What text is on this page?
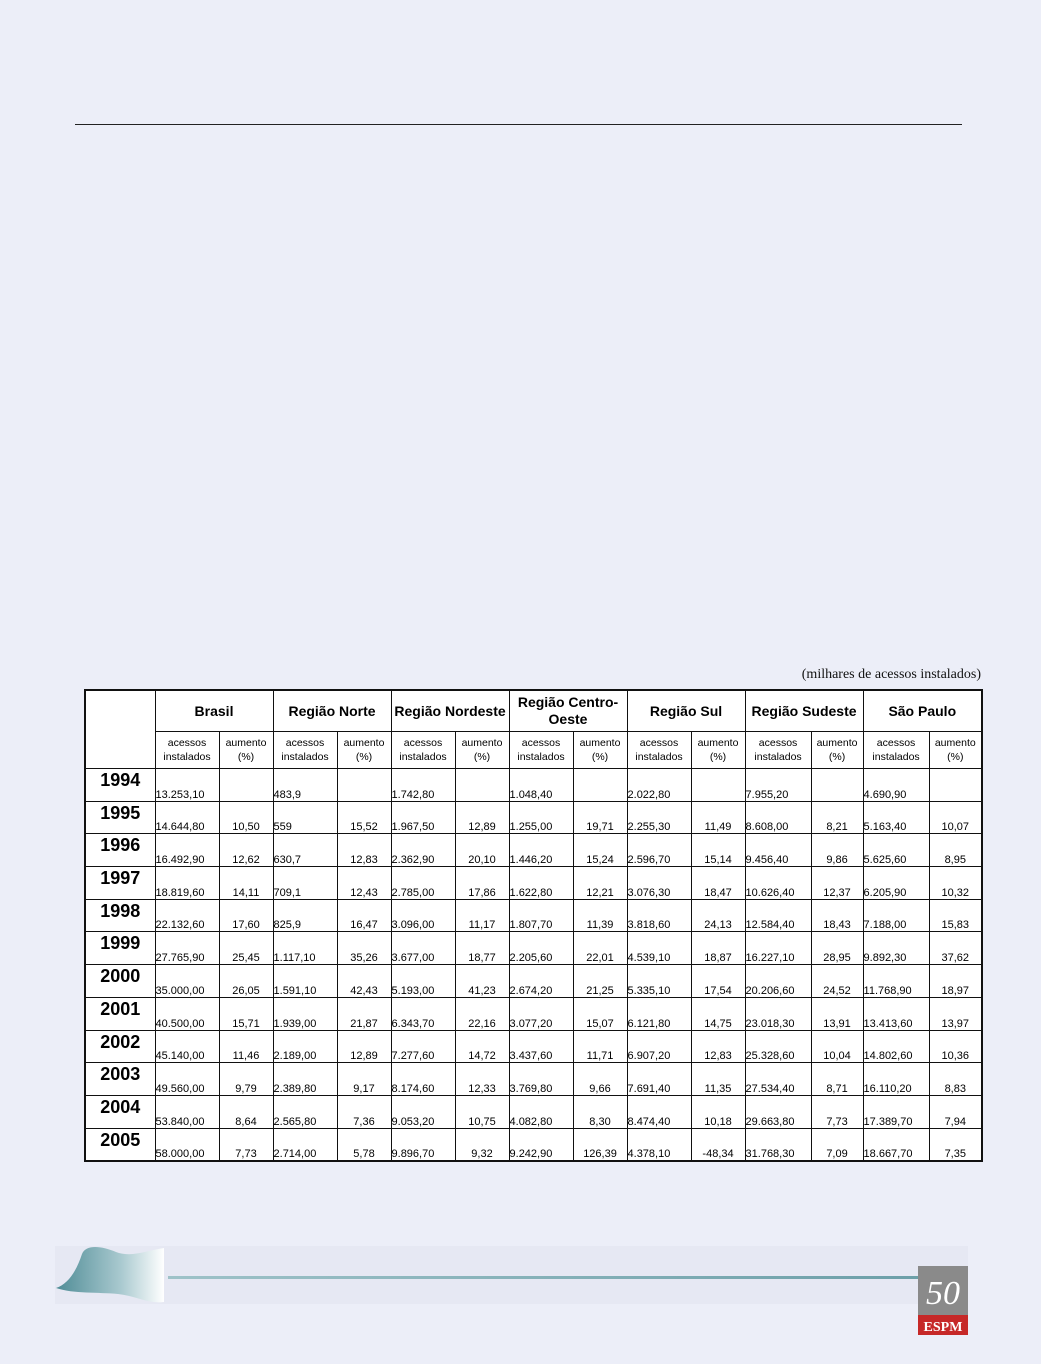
(milhares de acessos instalados)
	Brasil		Região Norte		Região Nordeste		Região Centro-Oeste		Região Sul		Região Sudeste		São Paulo	
	acessos instalados	aumento (%)	acessos instalados	aumento (%)	acessos instalados	aumento (%)	acessos instalados	aumento (%)	acessos instalados	aumento (%)	acessos instalados	aumento (%)	acessos instalados	aumento (%)
1994	13.253,10		483,9		1.742,80		1.048,40		2.022,80		7.955,20		4.690,90	
1995	14.644,80	10,50	559	15,52	1.967,50	12,89	1.255,00	19,71	2.255,30	11,49	8.608,00	8,21	5.163,40	10,07
1996	16.492,90	12,62	630,7	12,83	2.362,90	20,10	1.446,20	15,24	2.596,70	15,14	9.456,40	9,86	5.625,60	8,95
1997	18.819,60	14,11	709,1	12,43	2.785,00	17,86	1.622,80	12,21	3.076,30	18,47	10.626,40	12,37	6.205,90	10,32
1998	22.132,60	17,60	825,9	16,47	3.096,00	11,17	1.807,70	11,39	3.818,60	24,13	12.584,40	18,43	7.188,00	15,83
1999	27.765,90	25,45	1.117,10	35,26	3.677,00	18,77	2.205,60	22,01	4.539,10	18,87	16.227,10	28,95	9.892,30	37,62
2000	35.000,00	26,05	1.591,10	42,43	5.193,00	41,23	2.674,20	21,25	5.335,10	17,54	20.206,60	24,52	11.768,90	18,97
2001	40.500,00	15,71	1.939,00	21,87	6.343,70	22,16	3.077,20	15,07	6.121,80	14,75	23.018,30	13,91	13.413,60	13,97
2002	45.140,00	11,46	2.189,00	12,89	7.277,60	14,72	3.437,60	11,71	6.907,20	12,83	25.328,60	10,04	14.802,60	10,36
2003	49.560,00	9,79	2.389,80	9,17	8.174,60	12,33	3.769,80	9,66	7.691,40	11,35	27.534,40	8,71	16.110,20	8,83
2004	53.840,00	8,64	2.565,80	7,36	9.053,20	10,75	4.082,80	8,30	8.474,40	10,18	29.663,80	7,73	17.389,70	7,94
2005	58.000,00	7,73	2.714,00	5,78	9.896,70	9,32	9.242,90	126,39	4.378,10	-48,34	31.768,30	7,09	18.667,70	7,35
50
ESPM
